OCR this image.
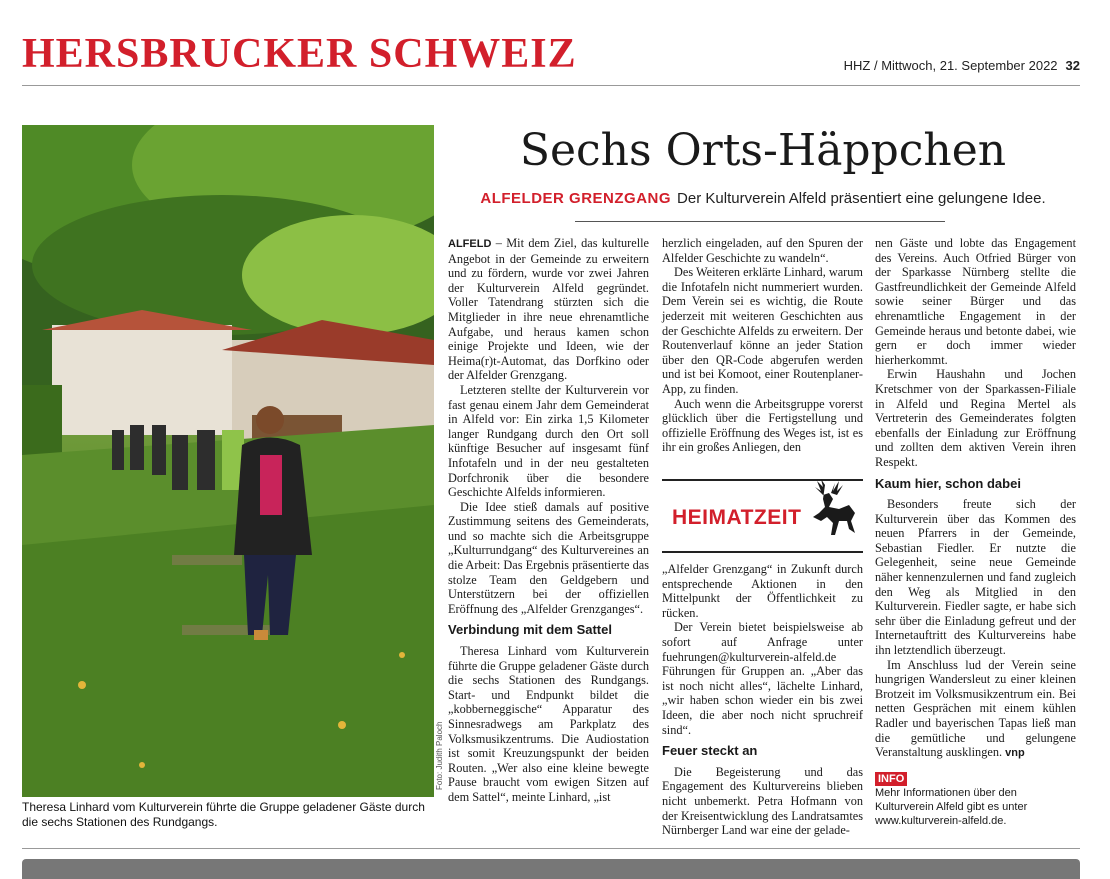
HERSBRUCKER SCHWEIZ	HHZ / Mittwoch, 21. September 2022 32
Foto: Judith Paloch
Theresa Linhard vom Kulturverein führte die Gruppe geladener Gäste durch die sechs Stationen des Rundgangs.
Sechs Orts-Häppchen
ALFELDER GRENZGANG Der Kulturverein Alfeld präsentiert eine gelungene Idee.

ALFELD – Mit dem Ziel, das kulturelle Angebot in der Gemeinde zu erweitern und zu fördern, wurde vor zwei Jahren der Kulturverein Alfeld gegründet. Voller Tatendrang stürzten sich die Mitglieder in ihre neue ehrenamtliche Aufgabe, und heraus kamen schon einige Projekte und Ideen, wie der Heima(r)t-Automat, das Dorfkino oder der Alfelder Grenzgang.

Letzteren stellte der Kulturverein vor fast genau einem Jahr dem Gemeinderat in Alfeld vor: Ein zirka 1,5 Kilometer langer Rundgang durch den Ort soll künftige Besucher auf insgesamt fünf Infotafeln und in der neu gestalteten Dorfchronik über die besondere Geschichte Alfelds informieren.

Die Idee stieß damals auf positive Zustimmung seitens des Gemeinderats, und so machte sich die Arbeitsgruppe „Kulturrundgang“ des Kulturvereines an die Arbeit: Das Ergebnis präsentierte das stolze Team den Geldgebern und Unterstützern bei der offiziellen Eröffnung des „Alfelder Grenzganges“.

Verbindung mit dem Sattel

Theresa Linhard vom Kulturverein führte die Gruppe geladener Gäste durch die sechs Stationen des Rundgangs. Start- und Endpunkt bildet die „kobberneggische“ Apparatur des Sinnesradwegs am Parkplatz des Volksmusikzentrums. Die Audiostation ist somit Kreuzungspunkt der beiden Routen. „Wer also eine kleine bewegte Pause braucht vom ewigen Sitzen auf dem Sattel“, meinte Linhard, „ist

herzlich eingeladen, auf den Spuren der Alfelder Geschichte zu wandeln“.

Des Weiteren erklärte Linhard, warum die Infotafeln nicht nummeriert wurden. Dem Verein sei es wichtig, die Route jederzeit mit weiteren Geschichten aus der Geschichte Alfelds zu erweitern. Der Routenverlauf könne an jeder Station über den QR-Code abgerufen werden und ist bei Komoot, einer Routenplaner-App, zu finden.

Auch wenn die Arbeitsgruppe vorerst glücklich über die Fertigstellung und offizielle Eröffnung des Weges ist, ist es ihr ein großes Anliegen, den

HEIMATZEIT

„Alfelder Grenzgang“ in Zukunft durch entsprechende Aktionen in den Mittelpunkt der Öffentlichkeit zu rücken.

Der Verein bietet beispielsweise ab sofort auf Anfrage unter fuehrungen@kulturverein-alfeld.de Führungen für Gruppen an. „Aber das ist noch nicht alles“, lächelte Linhard, „wir haben schon wieder ein bis zwei Ideen, die aber noch nicht spruchreif sind“.

Feuer steckt an

Die Begeisterung und das Engagement des Kulturvereins blieben nicht unbemerkt. Petra Hofmann von der Kreisentwicklung des Landratsamtes Nürnberger Land war eine der gelade-

nen Gäste und lobte das Engagement des Vereins. Auch Otfried Bürger von der Sparkasse Nürnberg stellte die Gastfreundlichkeit der Gemeinde Alfeld sowie seiner Bürger und das ehrenamtliche Engagement in der Gemeinde heraus und betonte dabei, wie gern er doch immer wieder hierherkommt.

Erwin Haushahn und Jochen Kretschmer von der Sparkassen-Filiale in Alfeld und Regina Mertel als Vertreterin des Gemeinderates folgten ebenfalls der Einladung zur Eröffnung und zollten dem aktiven Verein ihren Respekt.

Kaum hier, schon dabei

Besonders freute sich der Kulturverein über das Kommen des neuen Pfarrers in der Gemeinde, Sebastian Fiedler. Er nutzte die Gelegenheit, seine neue Gemeinde näher kennenzulernen und fand zugleich den Weg als Mitglied in den Kulturverein. Fiedler sagte, er habe sich sehr über die Einladung gefreut und der Internetauftritt des Kulturvereins habe ihn letztendlich überzeugt.

Im Anschluss lud der Verein seine hungrigen Wandersleut zu einer kleinen Brotzeit im Volksmusikzentrum ein. Bei netten Gesprächen mit einem kühlen Radler und bayerischen Tapas ließ man die gemütliche und gelungene Veranstaltung ausklingen. vnp

INFO
Mehr Informationen über den Kulturverein Alfeld gibt es unter www.kulturverein-alfeld.de.
